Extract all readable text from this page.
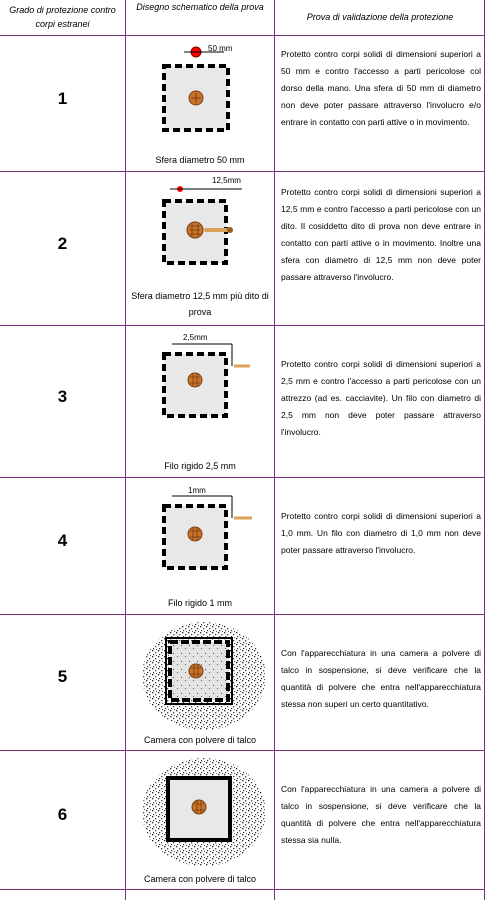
Grado di protezione contro corpi estranei
Disegno schematico della prova
Prova di validazione della protezione
1
50 mm
Sfera diametro 50 mm
Protetto contro corpi solidi di dimensioni superiori a 50 mm e contro l'accesso a parti pericolose col dorso della mano. Una sfera di 50 mm di diametro non deve poter passare attraverso l'involucro e/o entrare in contatto con parti attive o in movimento.
2
12,5mm
Sfera diametro 12,5 mm più dito di prova
Protetto contro corpi solidi di dimensioni superiori a 12,5 mm e contro l'accesso a parti pericolose con un dito. Il cosiddetto dito di prova non deve entrare in contatto con parti attive o in movimento. Inoltre una sfera con diametro di 12,5 mm non deve poter passare attraverso l'involucro.
3
2,5mm
Filo rigido 2,5 mm
Protetto contro corpi solidi di dimensioni superiori a 2,5 mm e contro l'accesso a parti pericolose con un attrezzo (ad es. cacciavite). Un filo con diametro di 2,5 mm non deve poter passare attraverso l'involucro.
4
1mm
Filo rigido 1 mm
Protetto contro corpi solidi di dimensioni superiori a 1,0 mm. Un filo con diametro di 1,0 mm non deve poter passare attraverso l'involucro.
5
Camera con polvere di talco
Con l'apparecchiatura in una camera a polvere di talco in sospensione, si deve verificare che la quantità di polvere che entra nell'apparecchiatura stessa non superi un certo quantitativo.
6
Camera con polvere di talco
Con l'apparecchiatura in una camera a polvere di talco in sospensione, si deve verificare che la quantità di polvere che entra nell'apparecchiatura stessa sia nulla.
